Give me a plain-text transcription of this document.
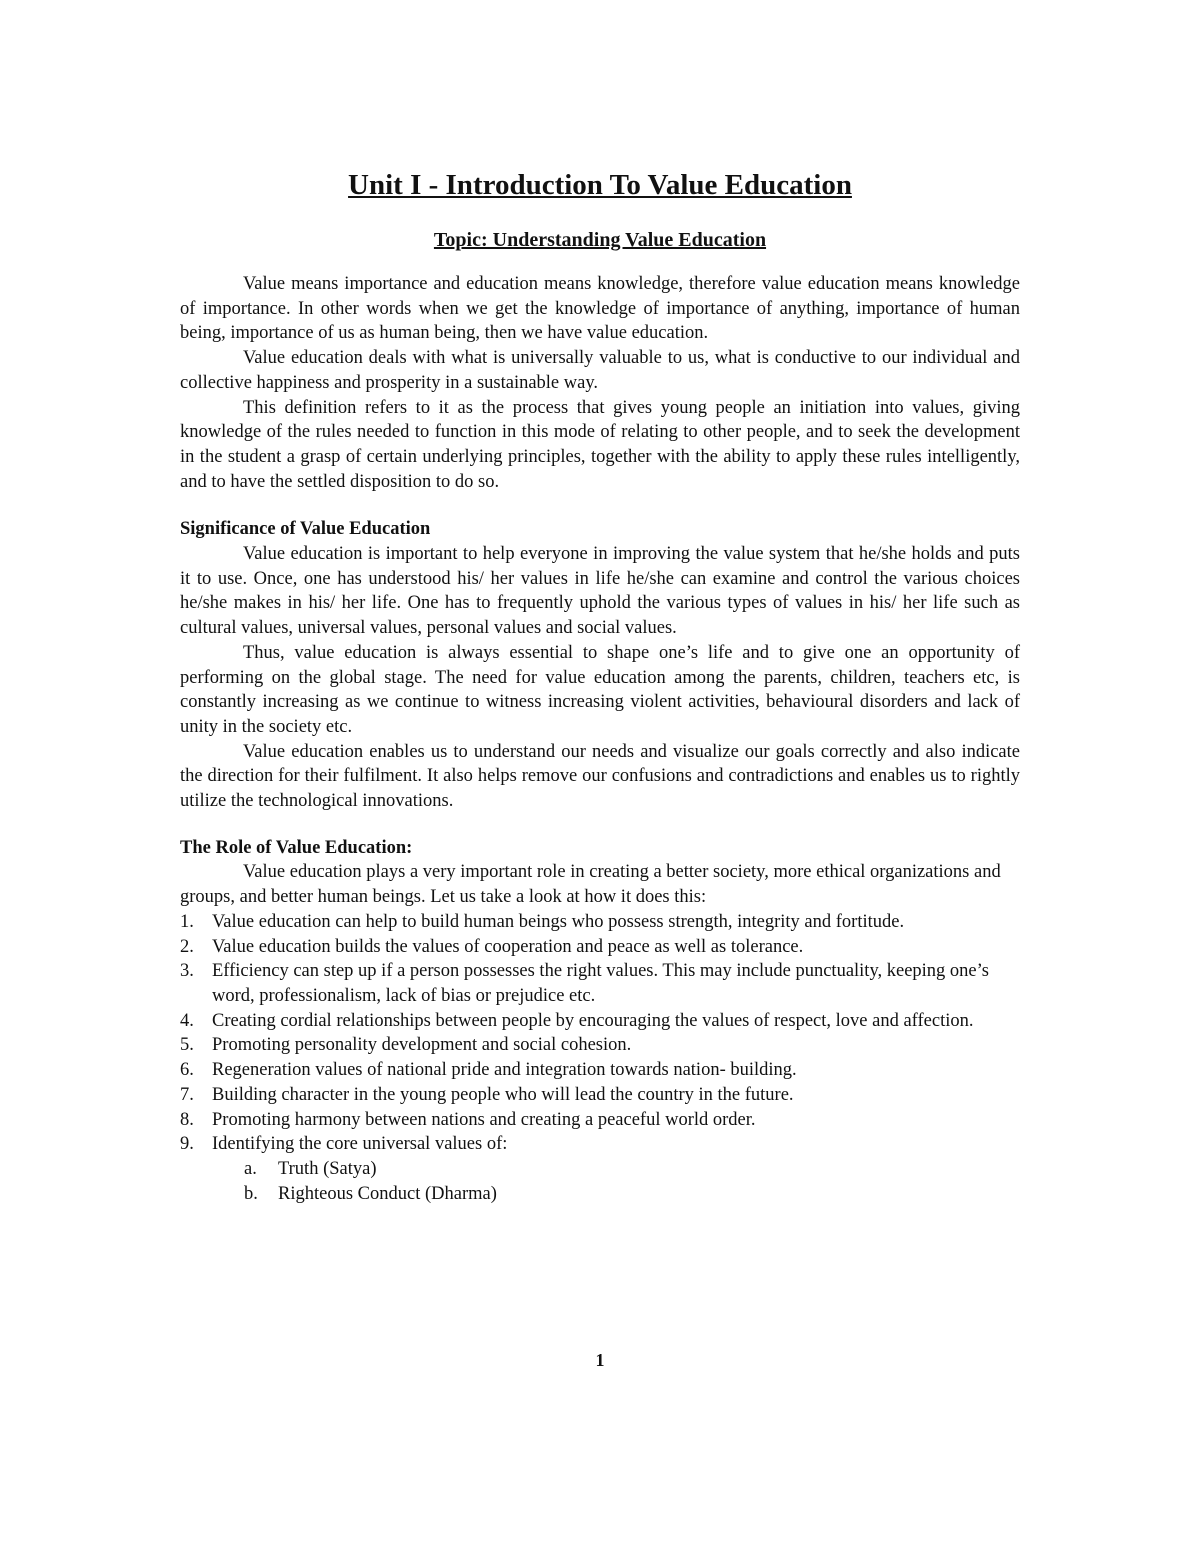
Unit I - Introduction To Value Education
Topic: Understanding Value Education

Value means importance and education means knowledge, therefore value education means knowledge of importance. In other words when we get the knowledge of importance of anything, importance of human being, importance of us as human being, then we have value education.

Value education deals with what is universally valuable to us, what is conductive to our individual and collective happiness and prosperity in a sustainable way.

This definition refers to it as the process that gives young people an initiation into values, giving knowledge of the rules needed to function in this mode of relating to other people, and to seek the development in the student a grasp of certain underlying principles, together with the ability to apply these rules intelligently, and to have the settled disposition to do so.

Significance of Value Education

Value education is important to help everyone in improving the value system that he/she holds and puts it to use. Once, one has understood his/ her values in life he/she can examine and control the various choices he/she makes in his/ her life. One has to frequently uphold the various types of values in his/ her life such as cultural values, universal values, personal values and social values.

Thus, value education is always essential to shape one’s life and to give one an opportunity of performing on the global stage. The need for value education among the parents, children, teachers etc, is constantly increasing as we continue to witness increasing violent activities, behavioural disorders and lack of unity in the society etc.

Value education enables us to understand our needs and visualize our goals correctly and also indicate the direction for their fulfilment. It also helps remove our confusions and contradictions and enables us to rightly utilize the technological innovations.

The Role of Value Education:

Value education plays a very important role in creating a better society, more ethical organizations and groups, and better human beings. Let us take a look at how it does this:

1. Value education can help to build human beings who possess strength, integrity and fortitude.
2. Value education builds the values of cooperation and peace as well as tolerance.
3. Efficiency can step up if a person possesses the right values. This may include punctuality, keeping one’s word, professionalism, lack of bias or prejudice etc.
4. Creating cordial relationships between people by encouraging the values of respect, love and affection.
5. Promoting personality development and social cohesion.
6. Regeneration values of national pride and integration towards nation- building.
7. Building character in the young people who will lead the country in the future.
8. Promoting harmony between nations and creating a peaceful world order.
9. Identifying the core universal values of:
a. Truth (Satya)
b. Righteous Conduct (Dharma)
1
